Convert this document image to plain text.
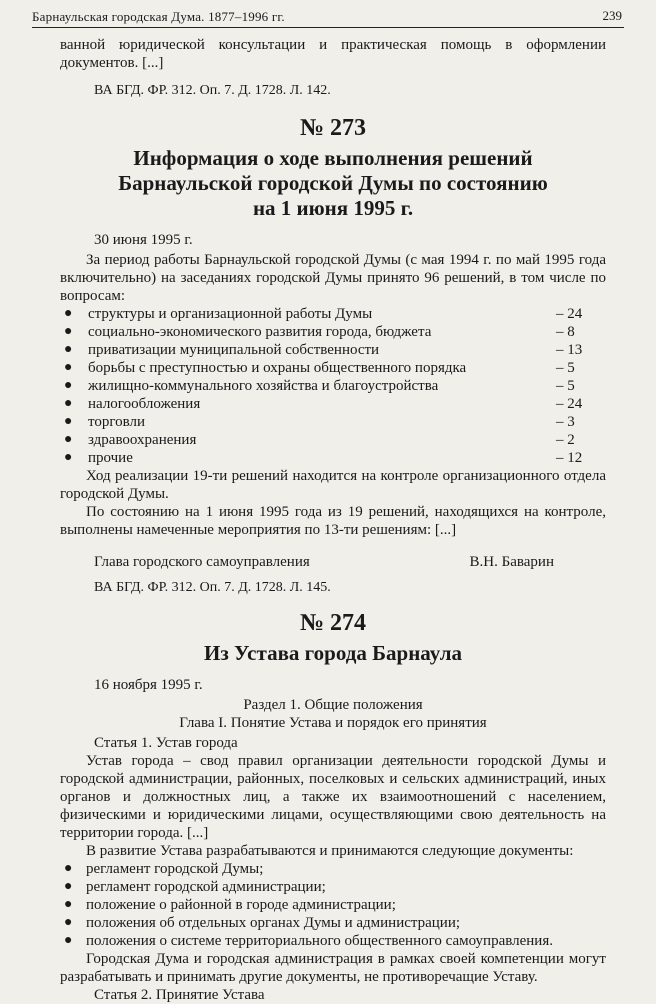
Барнаульская городская Дума. 1877–1996 гг.	239

ванной юридической консультации и практическая помощь в оформлении документов. [...]

ВА БГД. ФР. 312. Оп. 7. Д. 1728. Л. 142.

№ 273
Информация о ходе выполнения решений
Барнаульской городской Думы по состоянию
на 1 июня 1995 г.

30 июня 1995 г.

За период работы Барнаульской городской Думы (с мая 1994 г. по май 1995 года включительно) на заседаниях городской Думы принято 96 решений, в том числе по вопросам:

● структуры и организационной работы Думы	– 24
● социально-экономического развития города, бюджета	– 8
● приватизации муниципальной собственности	– 13
● борьбы с преступностью и охраны общественного порядка	– 5
● жилищно-коммунального хозяйства и благоустройства	– 5
● налогообложения	– 24
● торговли	– 3
● здравоохранения	– 2
● прочие	– 12

Ход реализации 19-ти решений находится на контроле организационного отдела городской Думы.

По состоянию на 1 июня 1995 года из 19 решений, находящихся на контроле, выполнены намеченные мероприятия по 13-ти решениям: [...]

Глава городского самоуправления	В.Н. Баварин

ВА БГД. ФР. 312. Оп. 7. Д. 1728. Л. 145.

№ 274
Из Устава города Барнаула

16 ноября 1995 г.

Раздел 1. Общие положения

Глава I. Понятие Устава и порядок его принятия

Статья 1. Устав города

Устав города – свод правил организации деятельности городской Думы и городской администрации, районных, поселковых и сельских администраций, иных органов и должностных лиц, а также их взаимоотношений с населением, физическими и юридическими лицами, осуществляющими свою деятельность на территории города. [...]

В развитие Устава разрабатываются и принимаются следующие документы:

● регламент городской Думы;
● регламент городской администрации;
● положение о районной в городе администрации;
● положения об отдельных органах Думы и администрации;
● положения о системе территориального общественного самоуправления.

Городская Дума и городская администрация в рамках своей компетенции могут разрабатывать и принимать другие документы, не противоречащие Уставу.

Статья 2. Принятие Устава
